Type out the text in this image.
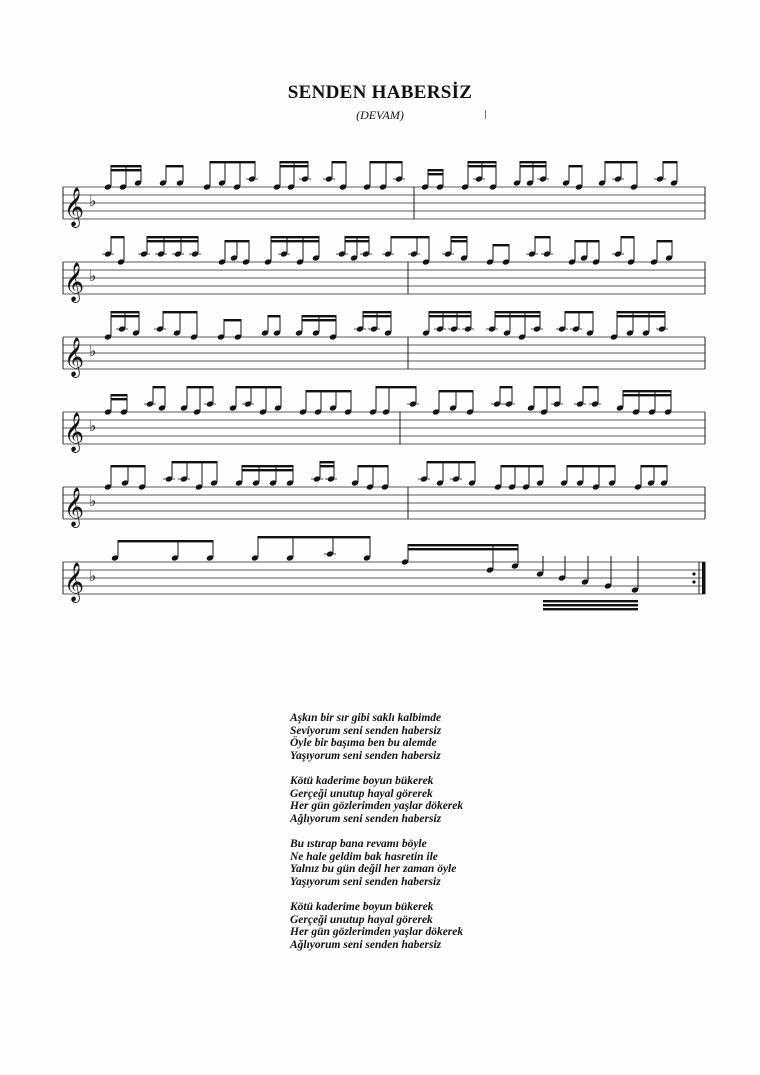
SENDEN HABERSİZ
(DEVAM)
𝄞 ♭
𝄞 ♭
𝄞 ♭
𝄞 ♭
𝄞 ♭
𝄞 ♭
Aşkın bir sır gibi saklı kalbimde
Seviyorum seni senden habersiz
Öyle bir başıma ben bu alemde
Yaşıyorum seni senden habersiz
Kötü kaderime boyun bükerek
Gerçeği unutup hayal görerek
Her gün gözlerimden yaşlar dökerek
Ağlıyorum seni senden habersiz
Bu ıstırap bana revamı böyle
Ne hale geldim bak hasretin ile
Yalnız bu gün değil her zaman öyle
Yaşıyorum seni senden habersiz
Kötü kaderime boyun bükerek
Gerçeği unutup hayal görerek
Her gün gözlerimden yaşlar dökerek
Ağlıyorum seni senden habersiz
